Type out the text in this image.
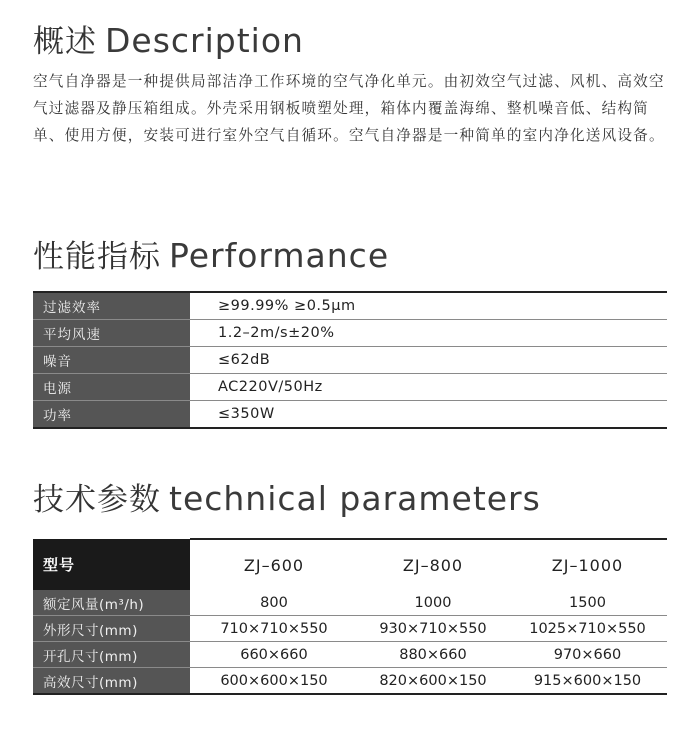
概述 Description

空气自净器是一种提供局部洁净工作环境的空气净化单元。由初效空气过滤、风机、高效空气过滤器及静压箱组成。外壳采用钢板喷塑处理，箱体内覆盖海绵、整机噪音低、结构简单、使用方便，安装可进行室外空气自循环。空气自净器是一种简单的室内净化送风设备。

性能指标 Performance
过滤效率	≥99.99% ≥0.5μm
平均风速	1.2–2m/s±20%
噪音	≤62dB
电源	AC220V/50Hz
功率	≤350W
技术参数 technical parameters
型号	ZJ–600	ZJ–800	ZJ–1000
额定风量(m³/h)	800	1000	1500
外形尺寸(mm)	710×710×550	930×710×550	1025×710×550
开孔尺寸(mm)	660×660	880×660	970×660
高效尺寸(mm)	600×600×150	820×600×150	915×600×150
